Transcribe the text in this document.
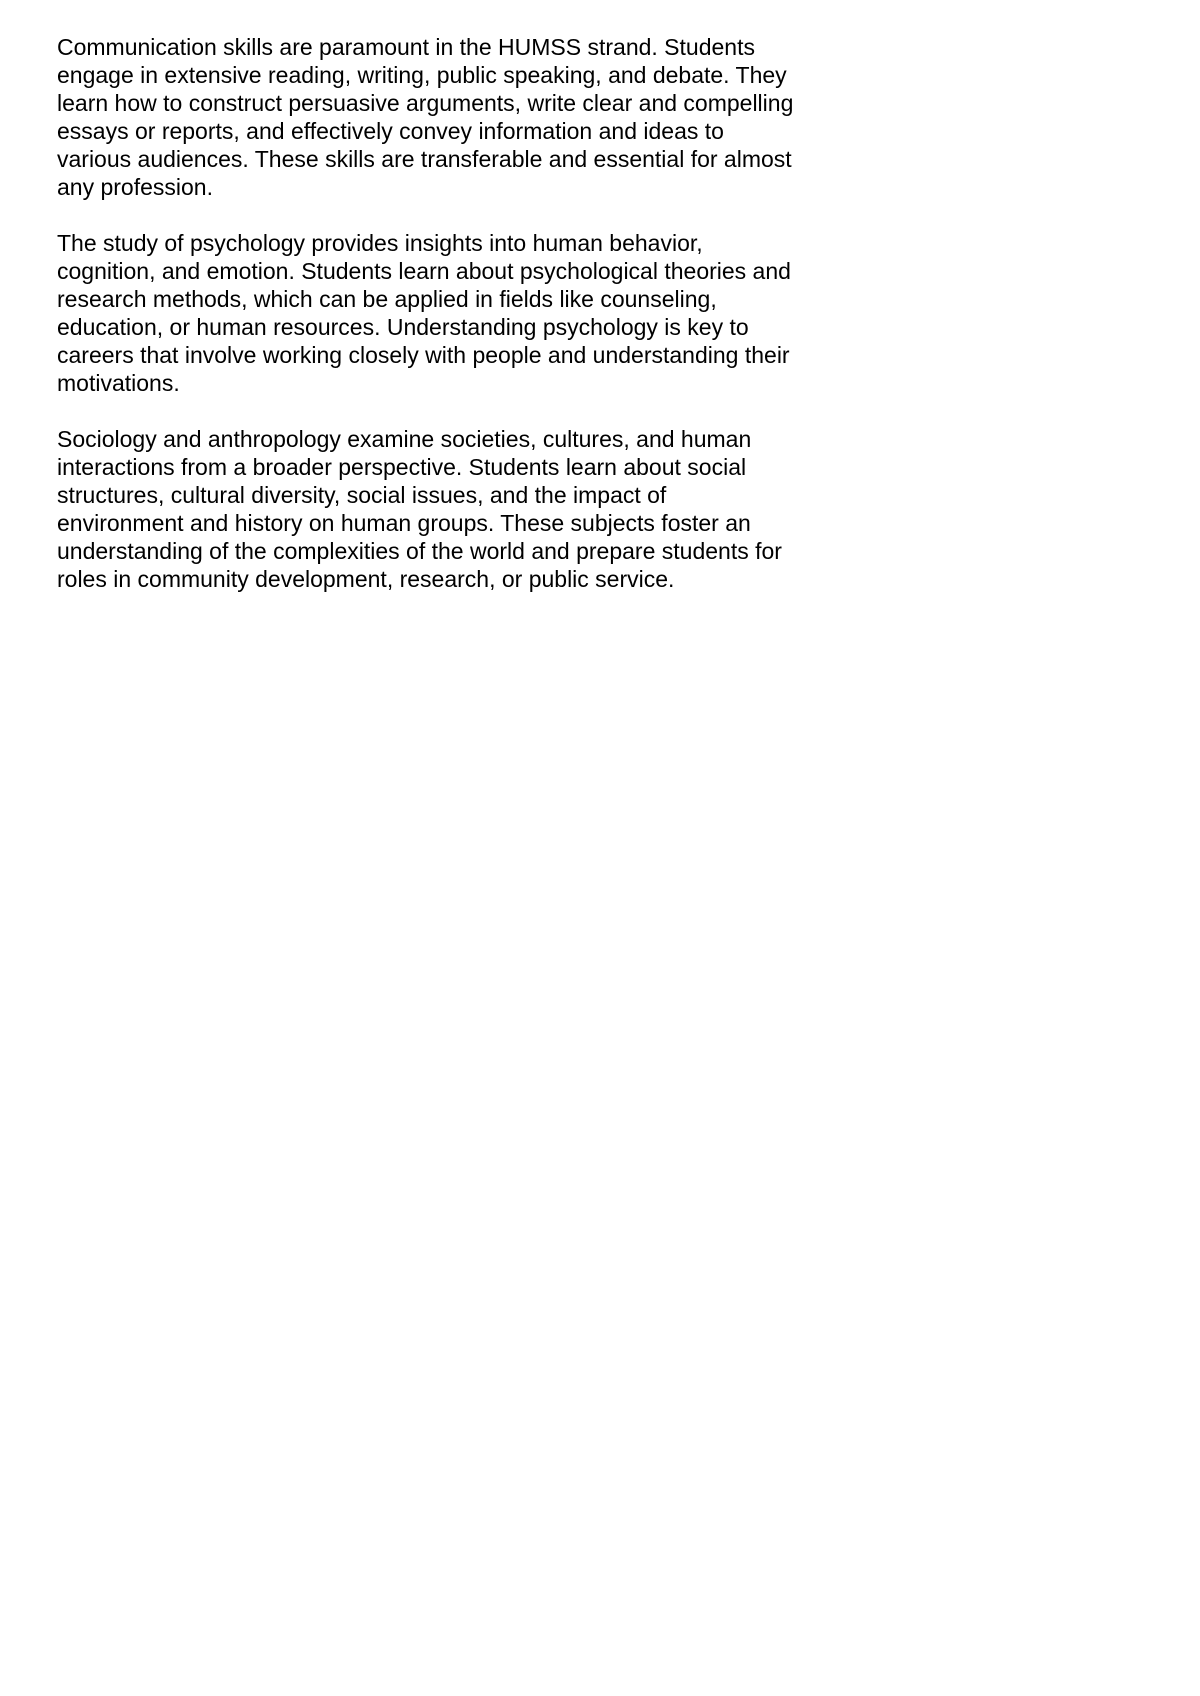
Communication skills are paramount in the HUMSS strand. Students
engage in extensive reading, writing, public speaking, and debate. They
learn how to construct persuasive arguments, write clear and compelling
essays or reports, and effectively convey information and ideas to
various audiences. These skills are transferable and essential for almost
any profession.

The study of psychology provides insights into human behavior,
cognition, and emotion. Students learn about psychological theories and
research methods, which can be applied in fields like counseling,
education, or human resources. Understanding psychology is key to
careers that involve working closely with people and understanding their
motivations.

Sociology and anthropology examine societies, cultures, and human
interactions from a broader perspective. Students learn about social
structures, cultural diversity, social issues, and the impact of
environment and history on human groups. These subjects foster an
understanding of the complexities of the world and prepare students for
roles in community development, research, or public service.
